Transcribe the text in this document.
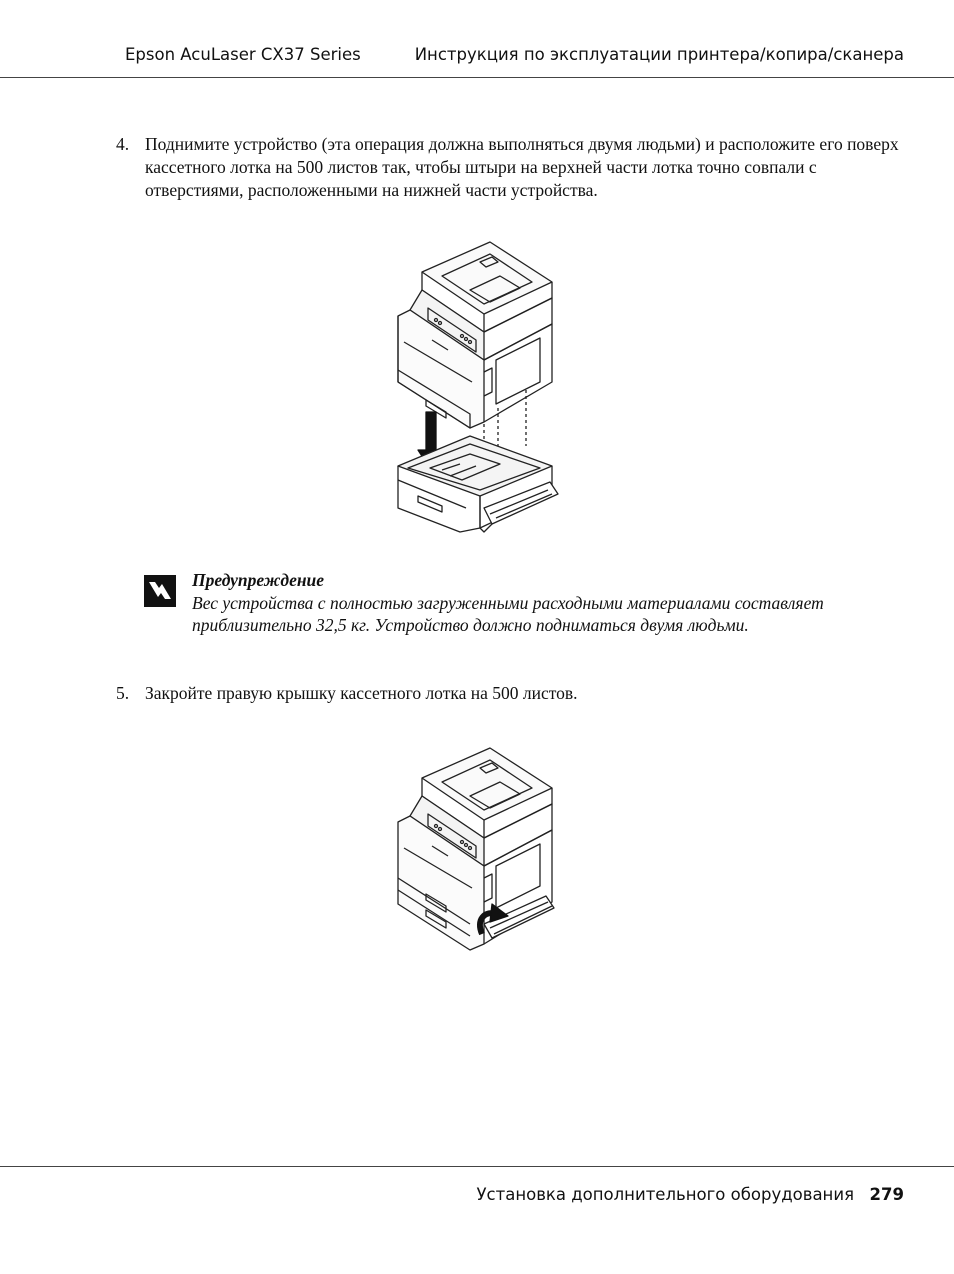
Epson AcuLaser CX37 Series	Инструкция по эксплуатации принтера/копира/сканера
4. Поднимите устройство (эта операция должна выполняться двумя людьми) и расположите его поверх кассетного лотка на 500 листов так, чтобы штыри на верхней части лотка точно совпали с отверстиями, расположенными на нижней части устройства.
Предупреждение
Вес устройства с полностью загруженными расходными материалами составляет приблизительно 32,5 кг. Устройство должно подниматься двумя людьми.
5. Закройте правую крышку кассетного лотка на 500 листов.
Установка дополнительного оборудования 279
